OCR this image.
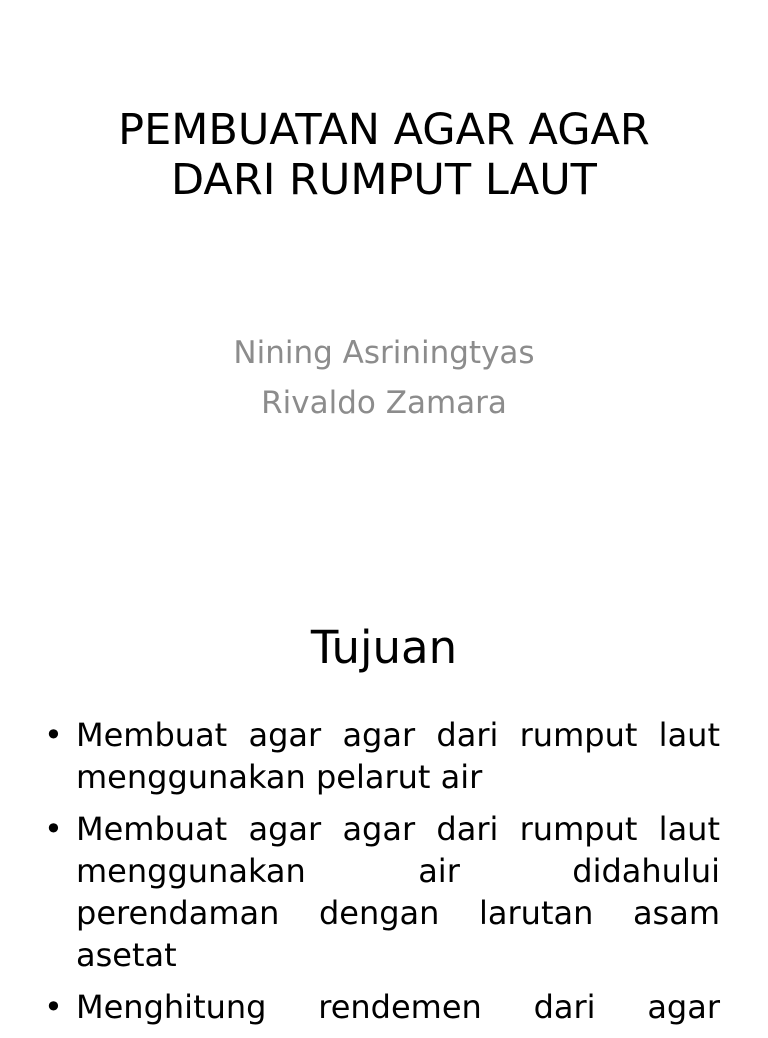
PEMBUATAN AGAR AGAR
DARI RUMPUT LAUT
Nining Asriningtyas
Rivaldo Zamara
Tujuan
• Membuat agar agar dari rumput laut menggunakan pelarut air
• Membuat agar agar dari rumput laut menggunakan air didahului perendaman dengan larutan asam asetat
• Menghitung rendemen dari agar
